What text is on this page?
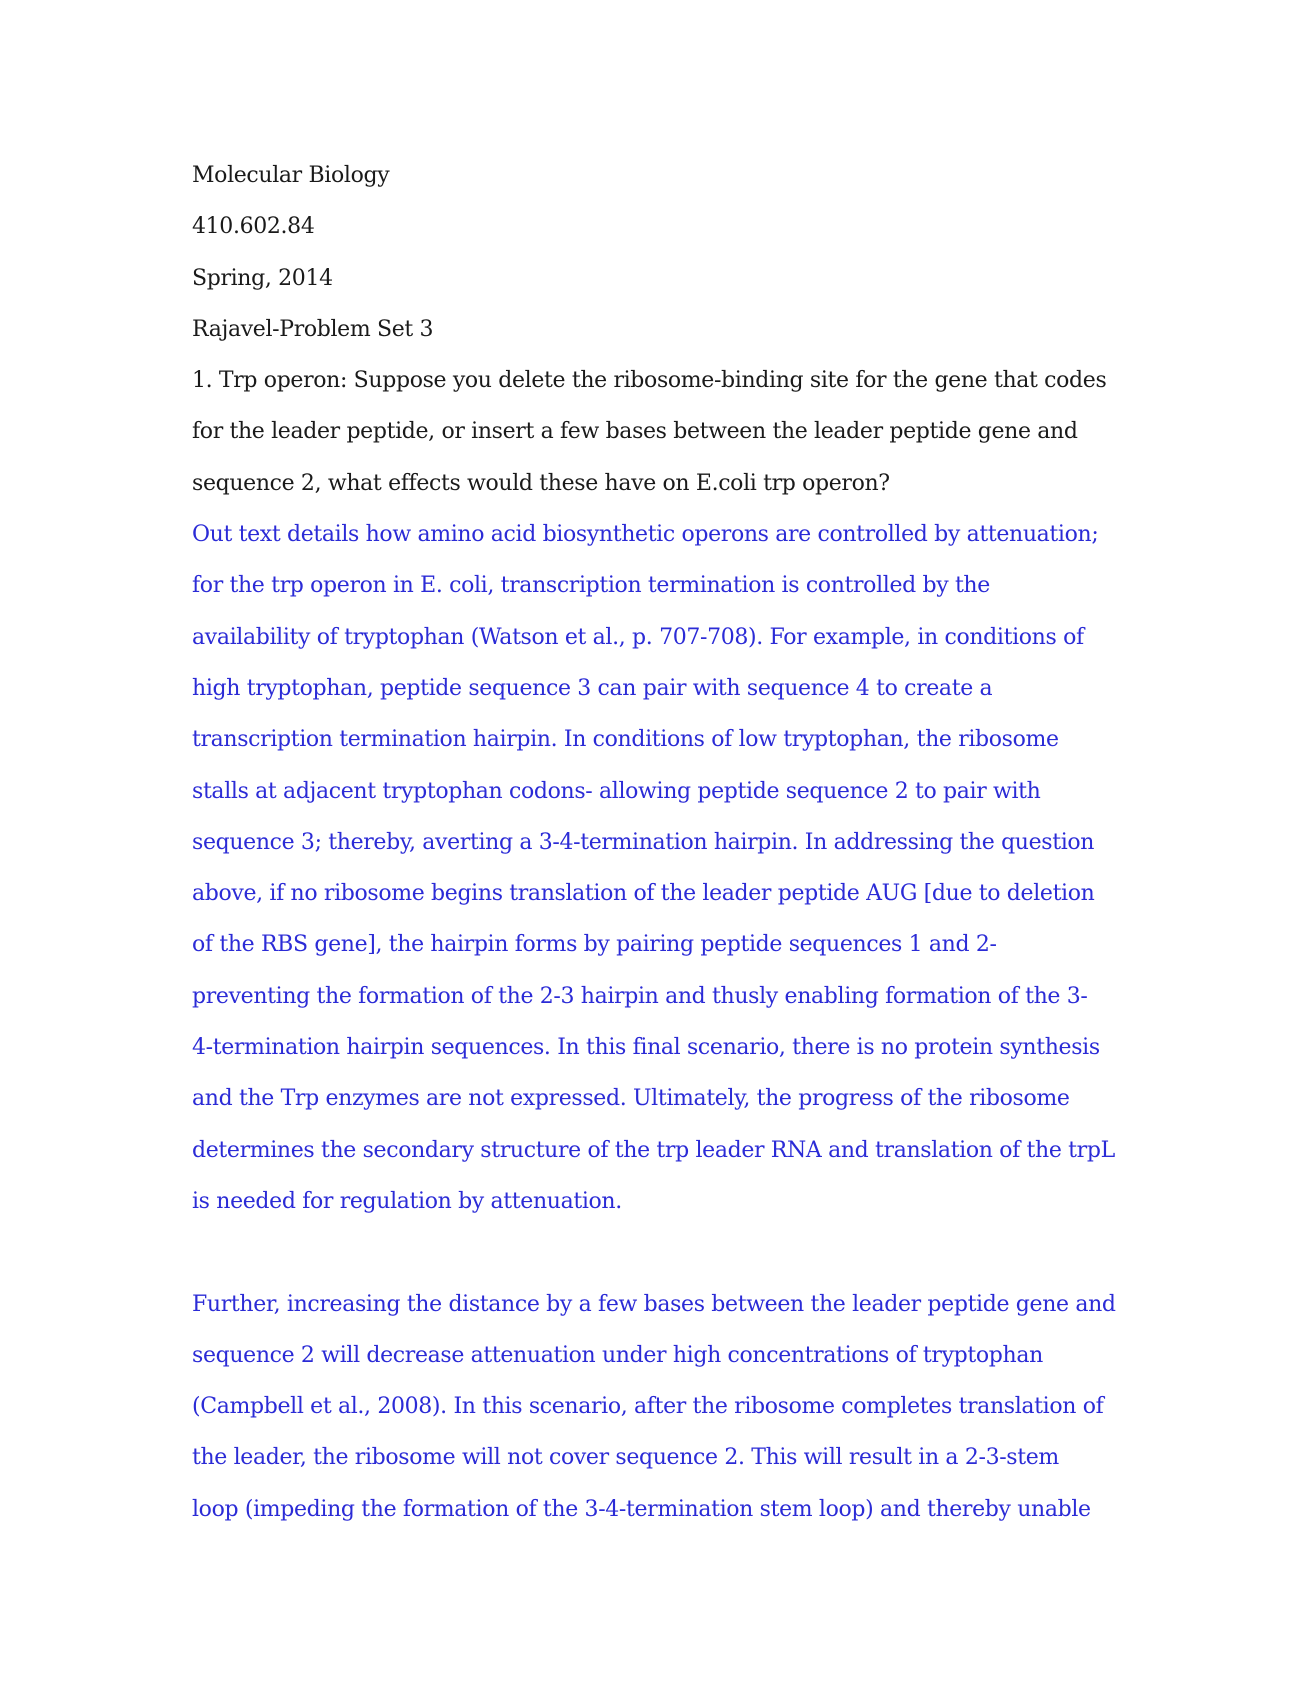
Molecular Biology
410.602.84
Spring, 2014
Rajavel-Problem Set 3
1. Trp operon: Suppose you delete the ribosome-binding site for the gene that codes
for the leader peptide, or insert a few bases between the leader peptide gene and
sequence 2, what effects would these have on E.coli trp operon?
Out text details how amino acid biosynthetic operons are controlled by attenuation;
for the trp operon in E. coli, transcription termination is controlled by the
availability of tryptophan (Watson et al., p. 707-708). For example, in conditions of
high tryptophan, peptide sequence 3 can pair with sequence 4 to create a
transcription termination hairpin. In conditions of low tryptophan, the ribosome
stalls at adjacent tryptophan codons- allowing peptide sequence 2 to pair with
sequence 3; thereby, averting a 3-4-termination hairpin. In addressing the question
above, if no ribosome begins translation of the leader peptide AUG [due to deletion
of the RBS gene], the hairpin forms by pairing peptide sequences 1 and 2-
preventing the formation of the 2-3 hairpin and thusly enabling formation of the 3-
4-termination hairpin sequences. In this final scenario, there is no protein synthesis
and the Trp enzymes are not expressed. Ultimately, the progress of the ribosome
determines the secondary structure of the trp leader RNA and translation of the trpL
is needed for regulation by attenuation.
Further, increasing the distance by a few bases between the leader peptide gene and
sequence 2 will decrease attenuation under high concentrations of tryptophan
(Campbell et al., 2008). In this scenario, after the ribosome completes translation of
the leader, the ribosome will not cover sequence 2. This will result in a 2-3-stem
loop (impeding the formation of the 3-4-termination stem loop) and thereby unable
